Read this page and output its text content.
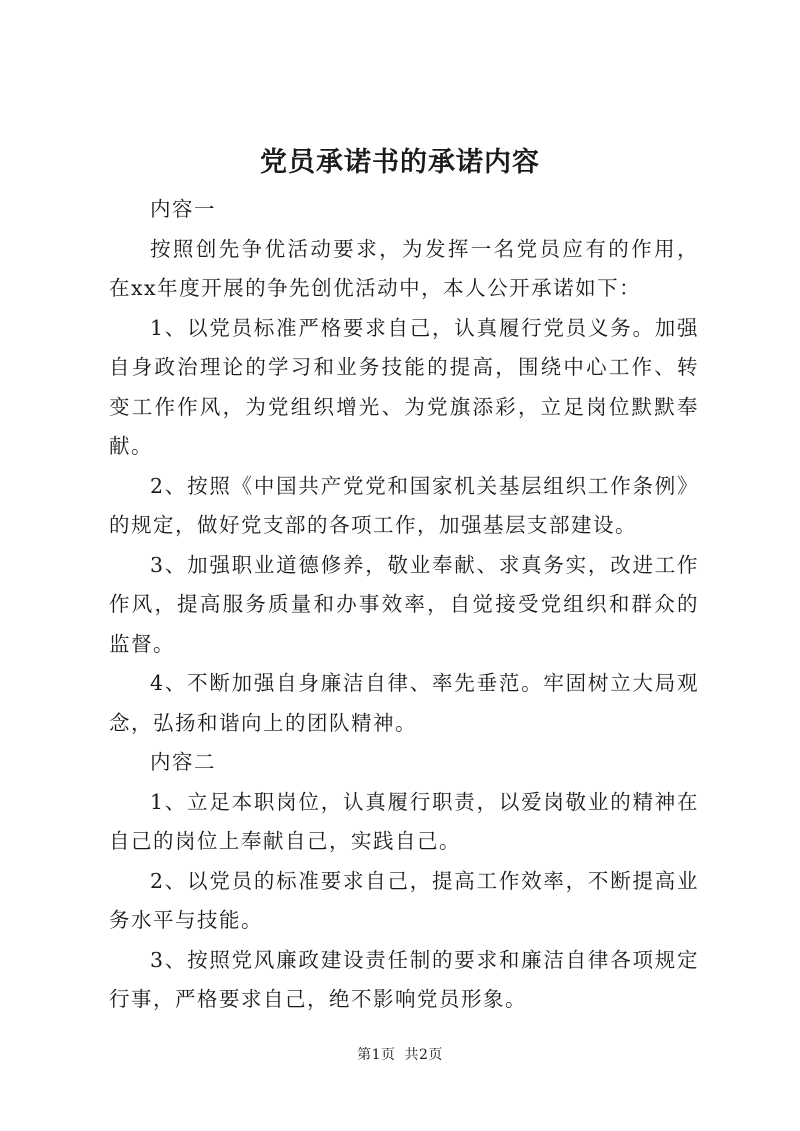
党员承诺书的承诺内容

内容一

按照创先争优活动要求，为发挥一名党员应有的作用，在xx年度开展的争先创优活动中，本人公开承诺如下：

1、以党员标准严格要求自己，认真履行党员义务。加强自身政治理论的学习和业务技能的提高，围绕中心工作、转变工作作风，为党组织增光、为党旗添彩，立足岗位默默奉献。

2、按照《中国共产党党和国家机关基层组织工作条例》的规定，做好党支部的各项工作，加强基层支部建设。

3、加强职业道德修养，敬业奉献、求真务实，改进工作作风，提高服务质量和办事效率，自觉接受党组织和群众的监督。

4、不断加强自身廉洁自律、率先垂范。牢固树立大局观念，弘扬和谐向上的团队精神。

内容二

1、立足本职岗位，认真履行职责，以爱岗敬业的精神在自己的岗位上奉献自己，实践自己。

2、以党员的标准要求自己，提高工作效率，不断提高业务水平与技能。

3、按照党风廉政建设责任制的要求和廉洁自律各项规定行事，严格要求自己，绝不影响党员形象。

第1页 共2页
